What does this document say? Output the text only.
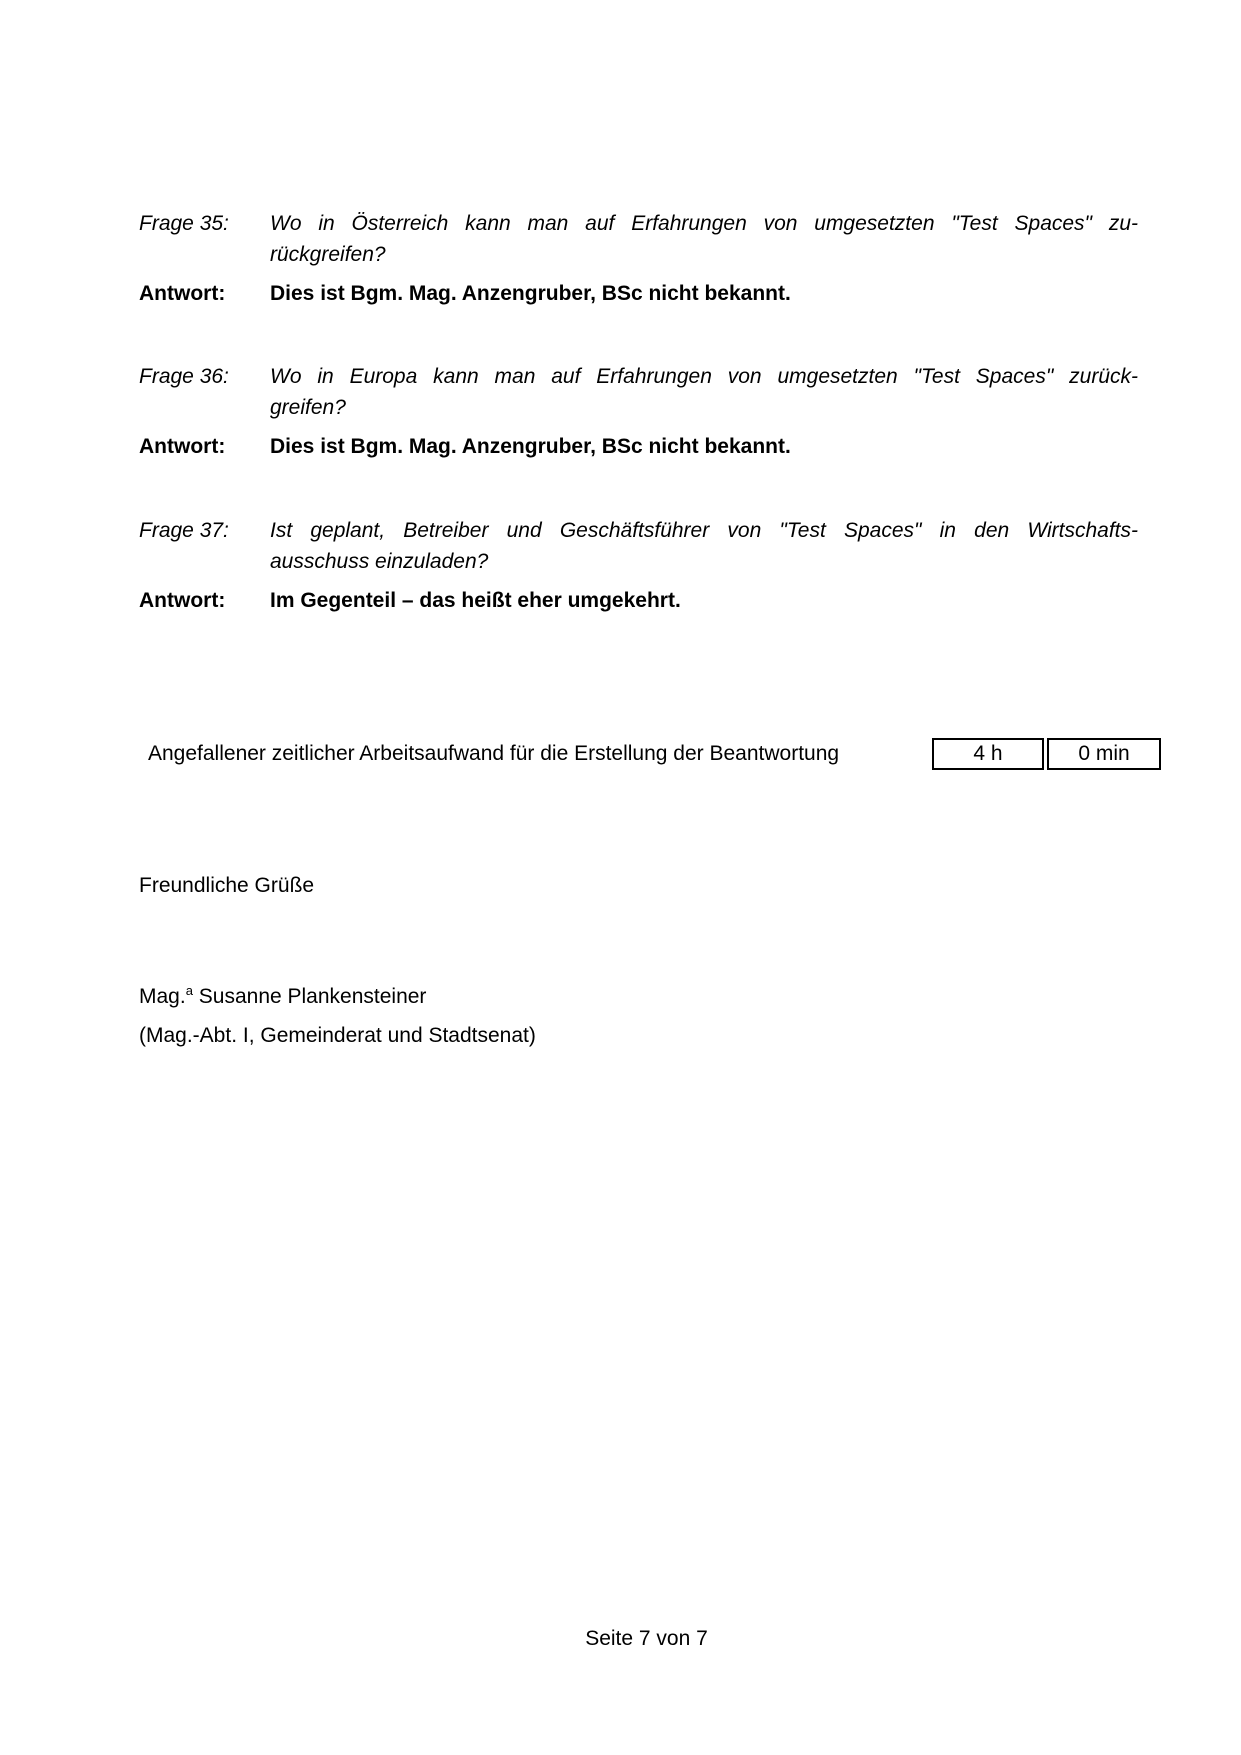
Frage 35:	Wo in Österreich kann man auf Erfahrungen von umgesetzten "Test Spaces" zu-
rückgreifen?
Antwort:	Dies ist Bgm. Mag. Anzengruber, BSc nicht bekannt.
Frage 36:	Wo in Europa kann man auf Erfahrungen von umgesetzten "Test Spaces" zurück-
greifen?
Antwort:	Dies ist Bgm. Mag. Anzengruber, BSc nicht bekannt.
Frage 37:	Ist geplant, Betreiber und Geschäftsführer von "Test Spaces" in den Wirtschafts-
ausschuss einzuladen?
Antwort:	Im Gegenteil – das heißt eher umgekehrt.
Angefallener zeitlicher Arbeitsaufwand für die Erstellung der Beantwortung	4 h	0 min
Freundliche Grüße
Mag.$^a$ Susanne Plankensteiner
(Mag.-Abt. I, Gemeinderat und Stadtsenat)
Seite 7 von 7
